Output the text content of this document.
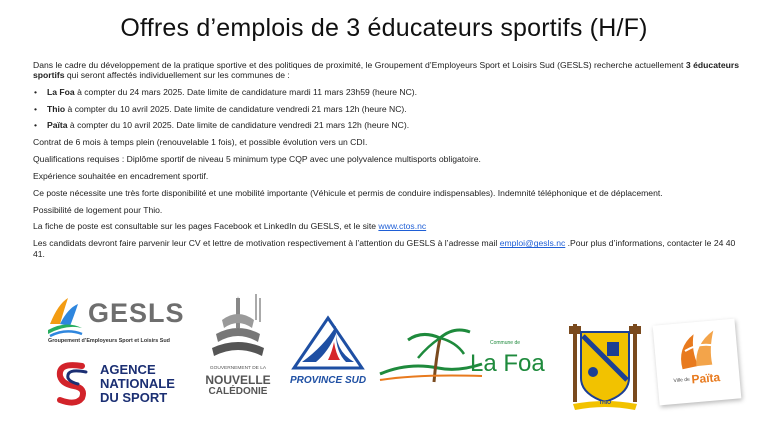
Offres d’emplois de 3 éducateurs sportifs (H/F)

Dans le cadre du développement de la pratique sportive et des politiques de proximité, le Groupement d’Employeurs Sport et Loisirs Sud (GESLS) recherche actuellement 3 éducateurs sportifs qui seront affectés individuellement sur les communes de :

• La Foa à compter du 24 mars 2025. Date limite de candidature mardi 11 mars 23h59 (heure NC).
• Thio à compter du 10 avril 2025. Date limite de candidature vendredi 21 mars 12h (heure NC).
• Païta à compter du 10 avril 2025. Date limite de candidature vendredi 21 mars 12h (heure NC).

Contrat de 6 mois à temps plein (renouvelable 1 fois), et possible évolution vers un CDI.

Qualifications requises : Diplôme sportif de niveau 5 minimum type CQP avec une polyvalence multisports obligatoire.

Expérience souhaitée en encadrement sportif.

Ce poste nécessite une très forte disponibilité et une mobilité importante (Véhicule et permis de conduire indispensables). Indemnité téléphonique et de déplacement.

Possibilité de logement pour Thio.

La fiche de poste est consultable sur les pages Facebook et LinkedIn du GESLS, et le site www.ctos.nc

Les candidats devront faire parvenir leur CV et lettre de motivation respectivement à l’attention du GESLS à l’adresse mail emploi@gesls.nc .Pour plus d’informations, contacter le 24 40 41.

GESLS
Groupement d’Employeurs Sport et Loisirs Sud
AGENCE
NATIONALE
DU SPORT
GOUVERNEMENT DE LA
NOUVELLE
CALÉDONIE
PROVINCE SUD
Commune de
La Foa
THIO
Ville de Païta
